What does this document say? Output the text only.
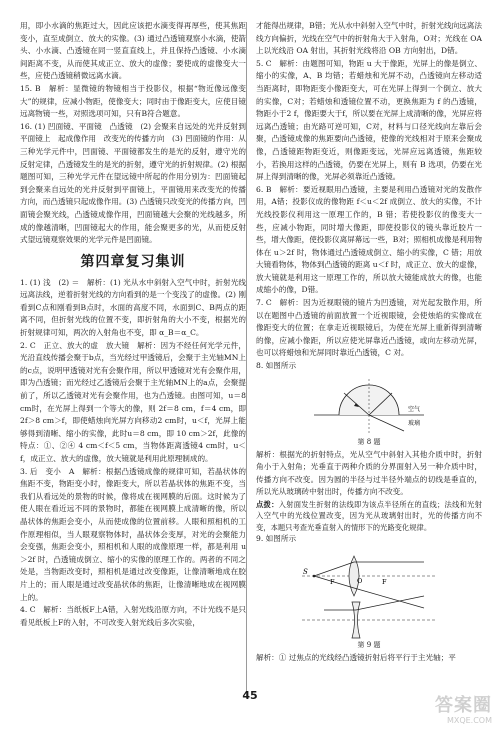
用，即小水滴的焦距过大，因此应该把水滴变得再厚些，使其焦距变小，直至成倒立、放大的实像。(3) 通过凸透镜观察小水滴，使箭头、小水滴、凸透镜在同一竖直直线上，并且保持凸透镜、小水滴间距离不变，从而使其成正立、放大的虚像；要使成的虚像变大一些，应使凸透镜稍微远离水滴。

15. B　解析：显微镜的物镜相当于投影仪，根据“物近像远像变大”的规律，应减小物距，使像变大；同时由于像距变大，应使目镜远离物镜一些，对照选项可知，只有B符合题意。

16. (1) 凹面镜、平面镜　凸透镜　(2) 会聚来自远处的光并反射到平面镜上　起成像作用　改变光的传播方向　(3) 凹面镜的作用：从三种光学元件中，凹面镜、平面镜都发生的是光的反射，遵守光的反射定律，凸透镜发生的是光的折射，遵守光的折射规律。(2) 根据题图可知，三种光学元件在望远镜中所起的作用分别为：凹面镜起到会聚来自远处的光并反射到平面镜上，平面镜用来改变光的传播方向，而凸透镜只起成像作用。(3) 凸透镜只改变光的传播方向，凹面镜会聚光线，凸透镜成像作用，凹面镜越大会聚的光线越多，所成的像越清晰，凹面镜起大的作用，能会聚更多的光，从而使反射式望远镜观察效果的光学元件是凹面镜。

第四章复习集训

1. (1) 浅　(2) ＝　解析：(1) 光从水中斜射入空气中时，折射光线远离法线，逆着折射光线的方向看到的是一个变浅了的虚像。(2) 刚看到C点和刚看到B点时，水面的高度不同，水面到C、B两点的距离不同，但折射光线的位置不变，即折射角的大小不变，根据光的折射规律可知，两次的入射角也不变，即 α_B＝α_C。

2. C　正立、放大的虚　放大镜　解析：因为不经任何光学元件，光沿直线传播会聚于b点，当光经过甲透镜后，会聚于主光轴MN上的c点，说明甲透镜对光有会聚作用，所以甲透镜对光有会聚作用，即为凸透镜；而光经过乙透镜后会聚于主光轴MN上的a点，会聚提前了，所以乙透镜对光有会聚作用，也为凸透镜。由图可知，u＝8 cm时，在光屏上得到一个等大的像，则 2f＝8 cm，f＝4 cm，即 2f＞8 cm＞f，即使蜡烛向光屏方向移动2 cm时，u＜f，光屏上能够得到清晰、缩小的实像，此时u＝8 cm，即 10 cm＞2f，此像的特点：①、②④ 4 cm＜f＜5 cm，当物体距离透镜4 cm时，u＜f，成正立、放大的虚像，放大镜就是利用此原理制成的。

3. 后　变小　A　解析：根据凸透镜成像的规律可知，若晶状体的焦距不变，物距变小时，像距变大，所以若晶状体的焦距不变，当我们从看远处的景物的时候，像将成在视网膜的后面。这时候为了使人眼在看近远不同的景物时，都能在视网膜上成清晰的像，所以晶状体的焦距会变小，从而使成像的位置前移。人眼和照相机的工作原理相似，当人眼观察物体时，晶状体会变厚，对光的会聚能力会变强，焦距会变小，照相机和人眼的成像原理一样，都是利用 u＞2f 时，凸透镜成倒立、缩小的实像的原理工作的。两者的不同之处是，当物距改变时，照相机是通过改变像距，让像清晰地成在胶片上的；而人眼是通过改变晶状体的焦距，让像清晰地成在视网膜上的。

4. C　解析：当纸板F上A错，入射光线沿原方向，不计光线不是只看见纸板上F的入射，不可改变入射光线后多次实验，

才能得出规律，B错；光从水中斜射入空气中时，折射光线向远离法线方向偏折，光线在空气中的折射角大于入射角，O对；光线在 OA上以光线沿 OA 射出，其折射光线将沿 OB 方向射出，D错。

5. C　解析：由题图可知，物距 u 大于像距，光屏上的像是倒立、缩小的实像，A、B 均错；若蜡烛和光屏不动，凸透镜向左移动适当距离时，即物距变小像距变大，可在光屏上得到一个倒立、放大的实像，C对；若蜡烛和透镜位置不动，更换焦距为 f 的凸透镜，物距小于2 f，像距要大于f，所以要在光屏上成清晰的像，光屏应将远离凸透镜；由光路可逆可知，C对，材料与口径光线向左靠后会聚，凸透镜成像的焦距要向凸透镜，使像的光线相对于原来会聚成像，凸透镜距物距变近，则像距变远，光屏应远离透镜，焦距较小，若换用这样的凸透镜，仍要在光屏上，则有 B 选项，仍要在光屏上得到清晰的像，光屏必须靠近凸透镜。

6. B　解析：要近视眼用凸透镜，主要是利用凸透镜对光的发散作用，A错；投影仪成的像物距 f＜u＜2f 成倒立、放大的实像，不计光线投影仪利用这一原理工作的，B 错；若使投影仪的像变大一些，应减小物距，同时增大像距，即使投影仪的镜头靠近胶片一些，增大像距，使投影仪离屏幕远一些，B对；照相机成像是利用物体在 u＞2f 时，物体通过凸透镜成倒立、缩小的实像，C 错；用放大镜看物体，物体到凸透镜的距离 u＜f 时，成正立、放大的虚像，放大镜就是利用这一原理工作的，所以放大镜能成放大的像，也能成缩小的像，D错。

7. C　解析：因为近视眼镜的镜片为凹透镜，对光起发散作用，所以在题图中凸透镜的前面放置一个近视眼镜，会使烛焰的实像成在像距变大的位置；在拿走近视眼镜后，为使在光屏上重新得到清晰的像，应减小像距，所以应使光屏靠近凸透镜，或向左移动光屏，也可以将蜡烛和光屏同时靠近凸透镜，C 对。

8. 如图所示

空气
玻璃
第 8 题

解析：根据光的折射特点，光从空气中斜射入其他介质中时，折射角小于入射角；光垂直于两种介质的分界面射入另一种介质中时，传播方向不改变。因为圆的半径与过半径外端点的切线是垂直的，所以光从玻璃砖中射出时，传播方向不改变。

点拨：入射面发生折射的法线即为该点半径所在的直线；法线和光射入空气中的光线位置改变，因为光从玻璃射出时，光的传播方向不变，本题只考查光垂直射入的情形下的光路变化规律。

9. 如图所示

S
F	O	F
第 9 题

解析：① 过焦点的光线经凸透镜折射后将平行于主光轴；平

45	答案圈
MXQE.COM
